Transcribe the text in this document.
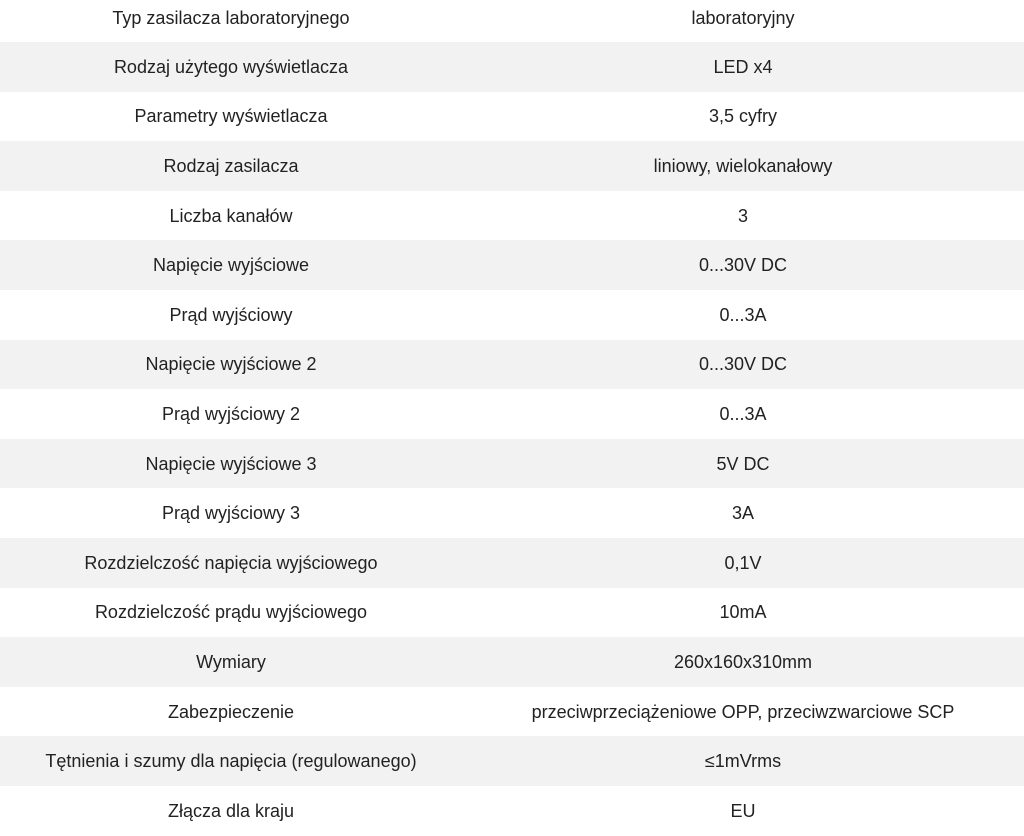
Typ zasilacza laboratoryjnego	laboratoryjny
Rodzaj użytego wyświetlacza	LED x4
Parametry wyświetlacza	3,5 cyfry
Rodzaj zasilacza	liniowy, wielokanałowy
Liczba kanałów	3
Napięcie wyjściowe	0...30V DC
Prąd wyjściowy	0...3A
Napięcie wyjściowe 2	0...30V DC
Prąd wyjściowy 2	0...3A
Napięcie wyjściowe 3	5V DC
Prąd wyjściowy 3	3A
Rozdzielczość napięcia wyjściowego	0,1V
Rozdzielczość prądu wyjściowego	10mA
Wymiary	260x160x310mm
Zabezpieczenie	przeciwprzeciążeniowe OPP, przeciwzwarciowe SCP
Tętnienia i szumy dla napięcia (regulowanego)	≤1mVrms
Złącza dla kraju	EU
